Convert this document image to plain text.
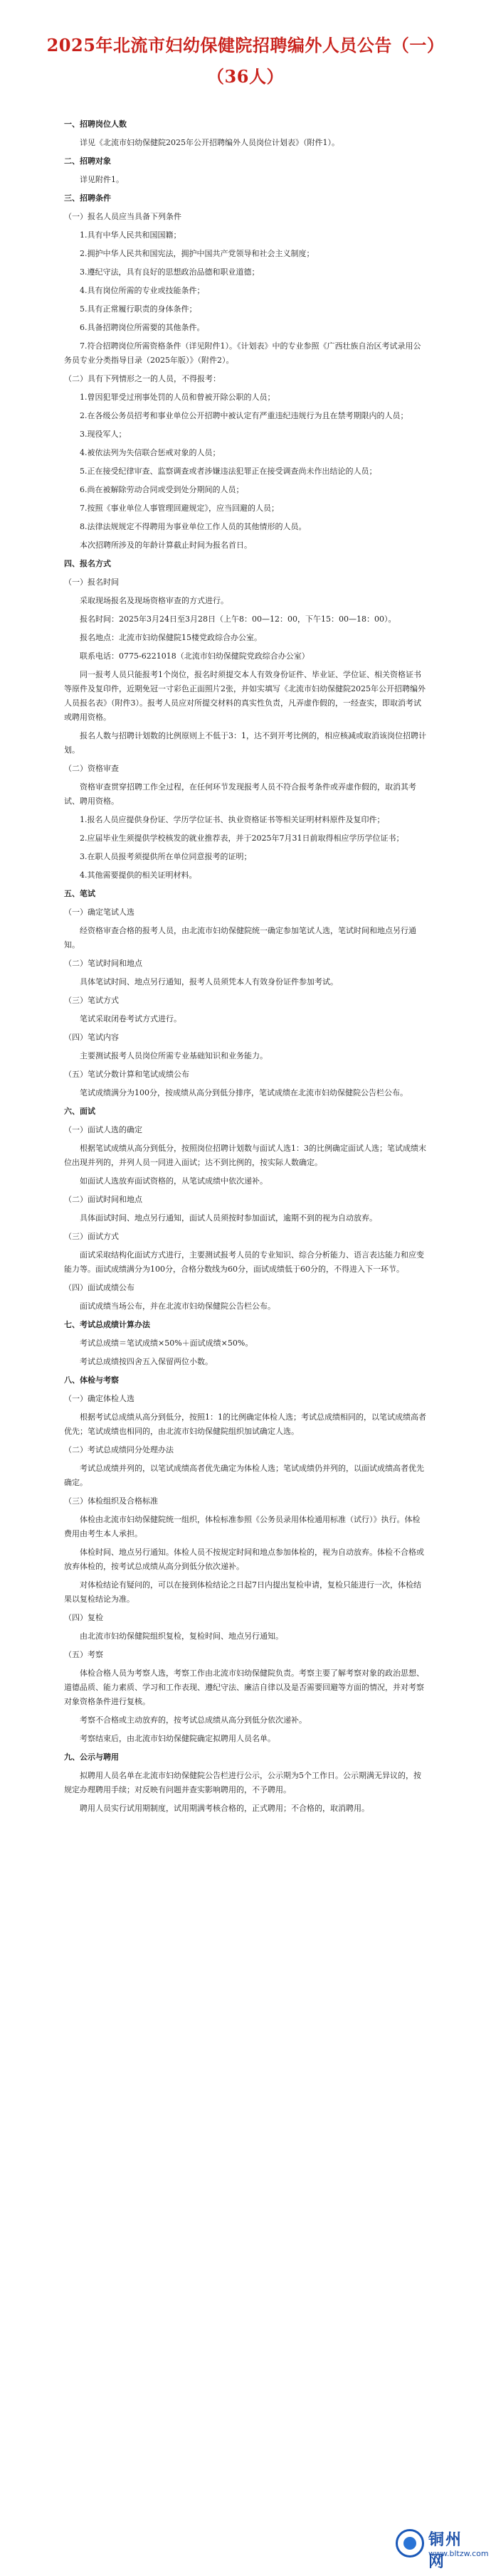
2025年北流市妇幼保健院招聘编外人员公告（一）
（36人）

一、招聘岗位人数

详见《北流市妇幼保健院2025年公开招聘编外人员岗位计划表》（附件1）。

二、招聘对象

详见附件1。

三、招聘条件

（一）报名人员应当具备下列条件

1.具有中华人民共和国国籍；

2.拥护中华人民共和国宪法，拥护中国共产党领导和社会主义制度；

3.遵纪守法，具有良好的思想政治品德和职业道德；

4.具有岗位所需的专业或技能条件；

5.具有正常履行职责的身体条件；

6.具备招聘岗位所需要的其他条件。

7.符合招聘岗位所需资格条件（详见附件1）。《计划表》中的专业参照《广西壮族自治区考试录用公务员专业分类指导目录（2025年版）》（附件2）。

（二）具有下列情形之一的人员，不得报考：

1.曾因犯罪受过刑事处罚的人员和曾被开除公职的人员；

2.在各级公务员招考和事业单位公开招聘中被认定有严重违纪违规行为且在禁考期限内的人员；

3.现役军人；

4.被依法列为失信联合惩戒对象的人员；

5.正在接受纪律审查、监察调查或者涉嫌违法犯罪正在接受调查尚未作出结论的人员；

6.尚在被解除劳动合同或受到处分期间的人员；

7.按照《事业单位人事管理回避规定》，应当回避的人员；

8.法律法规规定不得聘用为事业单位工作人员的其他情形的人员。

本次招聘所涉及的年龄计算截止时间为报名首日。

四、报名方式

（一）报名时间

采取现场报名及现场资格审查的方式进行。

报名时间：2025年3月24日至3月28日（上午8：00—12：00，下午15：00—18：00）。

报名地点：北流市妇幼保健院15楼党政综合办公室。

联系电话：0775-6221018（北流市妇幼保健院党政综合办公室）

同一报考人员只能报考1个岗位，报名时须提交本人有效身份证件、毕业证、学位证、相关资格证书等原件及复印件，近期免冠一寸彩色正面照片2张，并如实填写《北流市妇幼保健院2025年公开招聘编外人员报名表》（附件3）。报考人员应对所提交材料的真实性负责，凡弄虚作假的，一经查实，即取消考试或聘用资格。

报名人数与招聘计划数的比例原则上不低于3：1，达不到开考比例的，相应核减或取消该岗位招聘计划。

（二）资格审查

资格审查贯穿招聘工作全过程，在任何环节发现报考人员不符合报考条件或弄虚作假的，取消其考试、聘用资格。

1.报名人员应提供身份证、学历学位证书、执业资格证书等相关证明材料原件及复印件；

2.应届毕业生须提供学校核发的就业推荐表，并于2025年7月31日前取得相应学历学位证书；

3.在职人员报考须提供所在单位同意报考的证明；

4.其他需要提供的相关证明材料。

五、笔试

（一）确定笔试人选

经资格审查合格的报考人员，由北流市妇幼保健院统一确定参加笔试人选，笔试时间和地点另行通知。

（二）笔试时间和地点

具体笔试时间、地点另行通知，报考人员须凭本人有效身份证件参加考试。

（三）笔试方式

笔试采取闭卷考试方式进行。

（四）笔试内容

主要测试报考人员岗位所需专业基础知识和业务能力。

（五）笔试分数计算和笔试成绩公布

笔试成绩满分为100分，按成绩从高分到低分排序，笔试成绩在北流市妇幼保健院公告栏公布。

六、面试

（一）面试人选的确定

根据笔试成绩从高分到低分，按照岗位招聘计划数与面试人选1：3的比例确定面试人选；笔试成绩末位出现并列的，并列人员一同进入面试；达不到比例的，按实际人数确定。

如面试人选放弃面试资格的，从笔试成绩中依次递补。

（二）面试时间和地点

具体面试时间、地点另行通知，面试人员须按时参加面试，逾期不到的视为自动放弃。

（三）面试方式

面试采取结构化面试方式进行，主要测试报考人员的专业知识、综合分析能力、语言表达能力和应变能力等。面试成绩满分为100分，合格分数线为60分，面试成绩低于60分的，不得进入下一环节。

（四）面试成绩公布

面试成绩当场公布，并在北流市妇幼保健院公告栏公布。

七、考试总成绩计算办法

考试总成绩＝笔试成绩×50%＋面试成绩×50%。

考试总成绩按四舍五入保留两位小数。

八、体检与考察

（一）确定体检人选

根据考试总成绩从高分到低分，按照1：1的比例确定体检人选；考试总成绩相同的，以笔试成绩高者优先；笔试成绩也相同的，由北流市妇幼保健院组织加试确定人选。

（二）考试总成绩同分处理办法

考试总成绩并列的，以笔试成绩高者优先确定为体检人选；笔试成绩仍并列的，以面试成绩高者优先确定。

（三）体检组织及合格标准

体检由北流市妇幼保健院统一组织，体检标准参照《公务员录用体检通用标准（试行）》执行。体检费用由考生本人承担。

体检时间、地点另行通知。体检人员不按规定时间和地点参加体检的，视为自动放弃。体检不合格或放弃体检的，按考试总成绩从高分到低分依次递补。

对体检结论有疑问的，可以在接到体检结论之日起7日内提出复检申请，复检只能进行一次，体检结果以复检结论为准。

（四）复检

由北流市妇幼保健院组织复检，复检时间、地点另行通知。

（五）考察

体检合格人员为考察人选，考察工作由北流市妇幼保健院负责。考察主要了解考察对象的政治思想、道德品质、能力素质、学习和工作表现、遵纪守法、廉洁自律以及是否需要回避等方面的情况，并对考察对象资格条件进行复核。

考察不合格或主动放弃的，按考试总成绩从高分到低分依次递补。

考察结束后，由北流市妇幼保健院确定拟聘用人员名单。

九、公示与聘用

拟聘用人员名单在北流市妇幼保健院公告栏进行公示，公示期为5个工作日。公示期满无异议的，按规定办理聘用手续；对反映有问题并查实影响聘用的，不予聘用。

聘用人员实行试用期制度，试用期满考核合格的，正式聘用；不合格的，取消聘用。

铜州网
www.bltzw.com
